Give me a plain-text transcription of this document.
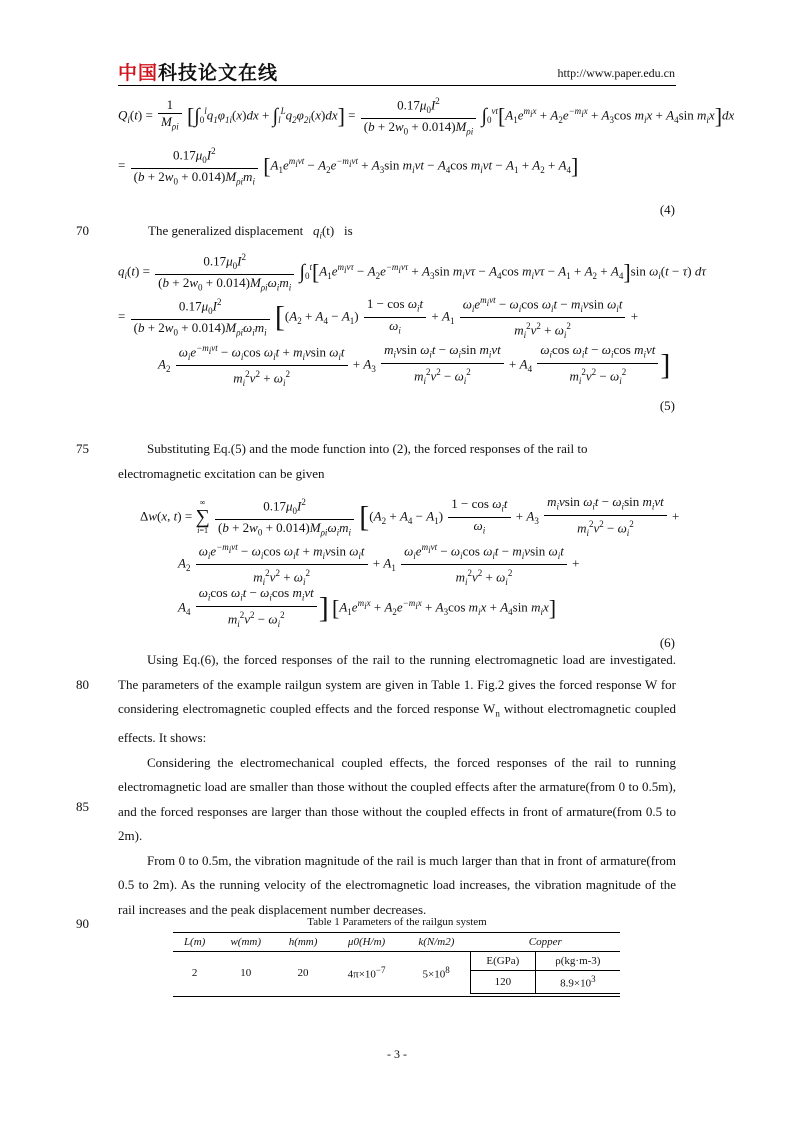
中国科技论文在线	http://www.paper.edu.cn
$Q_i(t) = \frac{1}{M_{\rho i}} [\int_0^lq_1\varphi_{1i}(x)dx + \int_l^Lq_2\varphi_{2i}(x)dx] = \frac{0.17\mu_0I^2}{(b + 2w_0 + 0.014)M_{\rho i}} \int_0^{vt}[A_1e^{m_ix} + A_2e^{-m_ix} + A_3\cos$ $m_ix + A_4\sin$ $m_ix]dx$
= $\frac{0.17\mu_0I^2}{(b + 2w_0 + 0.014)M_{\rho i}m_i} [A_1e^{m_ivt} - A_2e^{-m_ivt} + A_3\sin$ $m_ivt - A_4\cos$ $m_ivt - A_1 + A_2 + A_4$]
(4)
70	The generalized displacement $q_i(t)$ is
$q_i(t) = \frac{0.17\mu_0I^2}{(b + 2w_0 + 0.014)M_{\rho i}\omega_im_i} \int_0^t[A_1e^{m_iv\tau} - A_2e^{-m_iv\tau} + A_3\sin$ $m_iv\tau - A_4\cos$ $m_iv\tau - A_1 + A_2 + A_4]\sin$ $\omega_i(t - \tau)$ dτ
= $\frac{0.17\mu_0I^2}{(b + 2w_0 + 0.014)M_{\rho i}\omega_im_i} [(A_2 + A_4 - A_1) \frac{1 - \cos \omega_it}{\omega_i} + A_1 \frac{\omega_ie^{m_ivt} - \omega_i\cos \omega_it - m_ivsin \omega_it}{m_i^2v^2 + \omega_i^2}$ +
$A_2 \frac{\omega_ie^{-m_ivt} - \omega_i\cos \omega_it + m_ivsin \omega_it}{m_i^2v^2 + \omega_i^2} + A_3 \frac{m_ivsin \omega_it - \omega_i\sin m_ivt}{m_i^2v^2 - \omega_i^2} + A_4 \frac{\omega_i\cos \omega_it - \omega_i\cos m_ivt}{m_i^2v^2 - \omega_i^2}$ ]
(5)
75	Substituting Eq.(5) and the mode function into (2), the forced responses of the rail to

electromagnetic excitation can be given

Δw(x, t) =
∞
∑
i=1
$\frac{0.17\mu_0I^2}{(b + 2w_0 + 0.014)M_{\rho i}\omega_im_i} [(A_2 + A_4 - A_1) \frac{1 - \cos \omega_it}{\omega_i} + A_3 \frac{m_ivsin \omega_it - \omega_i\sin m_ivt}{m_i^2v^2 - \omega_i^2}$ +
$A_2 \frac{\omega_ie^{-m_ivt} - \omega_i\cos \omega_it + m_ivsin \omega_it}{m_i^2v^2 + \omega_i^2} + A_1 \frac{\omega_ie^{m_ivt} - \omega_i\cos \omega_it - m_ivsin \omega_it}{m_i^2v^2 + \omega_i^2}$ +
$A_4 \frac{\omega_i\cos \omega_it - \omega_i\cos m_ivt}{m_i^2v^2 - \omega_i^2}$ ] [$A_1e^{m_ix} + A_2e^{-m_ix} + A_3\cos$ $m_ix + A_4\sin$ $m_ix$]
(6)
80
85
90

Using Eq.(6), the forced responses of the rail to the running electromagnetic load are investigated. The parameters of the example railgun system are given in Table 1. Fig.2 gives the forced response W for considering electromagnetic coupled effects and the forced response $W_n$ without electromagnetic coupled effects. It shows:

Considering the electromechanical coupled effects, the forced responses of the rail to running electromagnetic load are smaller than those without the coupled effects after the armature(from 0 to 0.5m), and the forced responses are larger than those without the coupled effects in front of armature(from 0.5 to 2m).

From 0 to 0.5m, the vibration magnitude of the rail is much larger than that in front of armature(from 0.5 to 2m). As the running velocity of the electromagnetic load increases, the vibration magnitude of the rail increases and the peak displacement number decreases.

Table 1 Parameters of the railgun system
L(m)	w(mm)	h(mm)	μ0(H/m)	k(N/m2)	Copper	
2	10	20	$4\pi\times 10^{-7}$	$5\times 10^8$	E(GPa)	ρ(kg·m-3)
					120	$8.9\times 10^3$
- 3 -
